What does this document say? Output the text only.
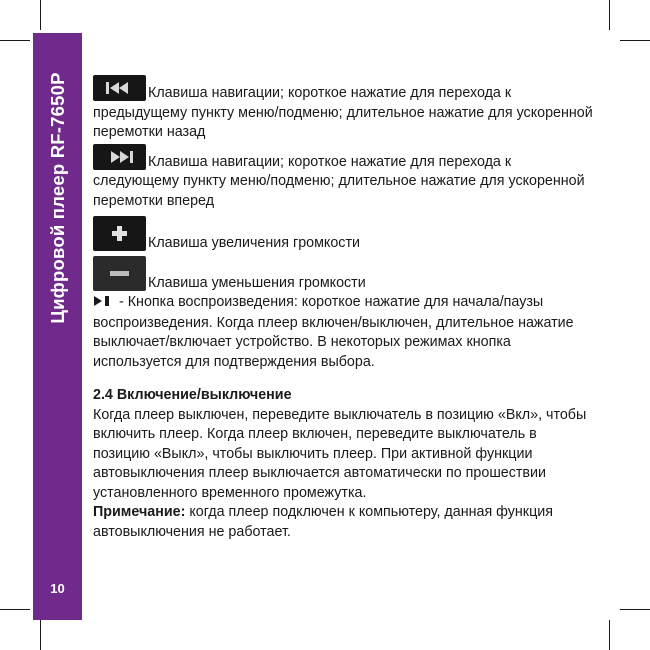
Цифровой плеер RF-7650P
10

Клавиша навигации; короткое нажатие для перехода к предыдущему пункту меню/подменю; длительное нажатие для ускоренной перемотки назад

Клавиша навигации; короткое нажатие для перехода к следующему пункту меню/подменю; длительное нажатие для ускоренной перемотки вперед

Клавиша увеличения громкости

Клавиша уменьшения громкости

- Кнопка воспроизведения: короткое нажатие для начала/паузы воспроизведения. Когда плеер включен/выключен, длительное нажатие выключает/включает устройство. В некоторых режимах кнопка используется для подтверждения выбора.

2.4 Включение/выключение

Когда плеер выключен, переведите выключатель в позицию «Вкл», чтобы включить плеер. Когда плеер включен, переведите выключатель в позицию «Выкл», чтобы выключить плеер. При активной функции автовыключения плеер выключается автоматически по прошествии установленного временного промежутка.

Примечание: когда плеер подключен к компьютеру, данная функция автовыключения не работает.
